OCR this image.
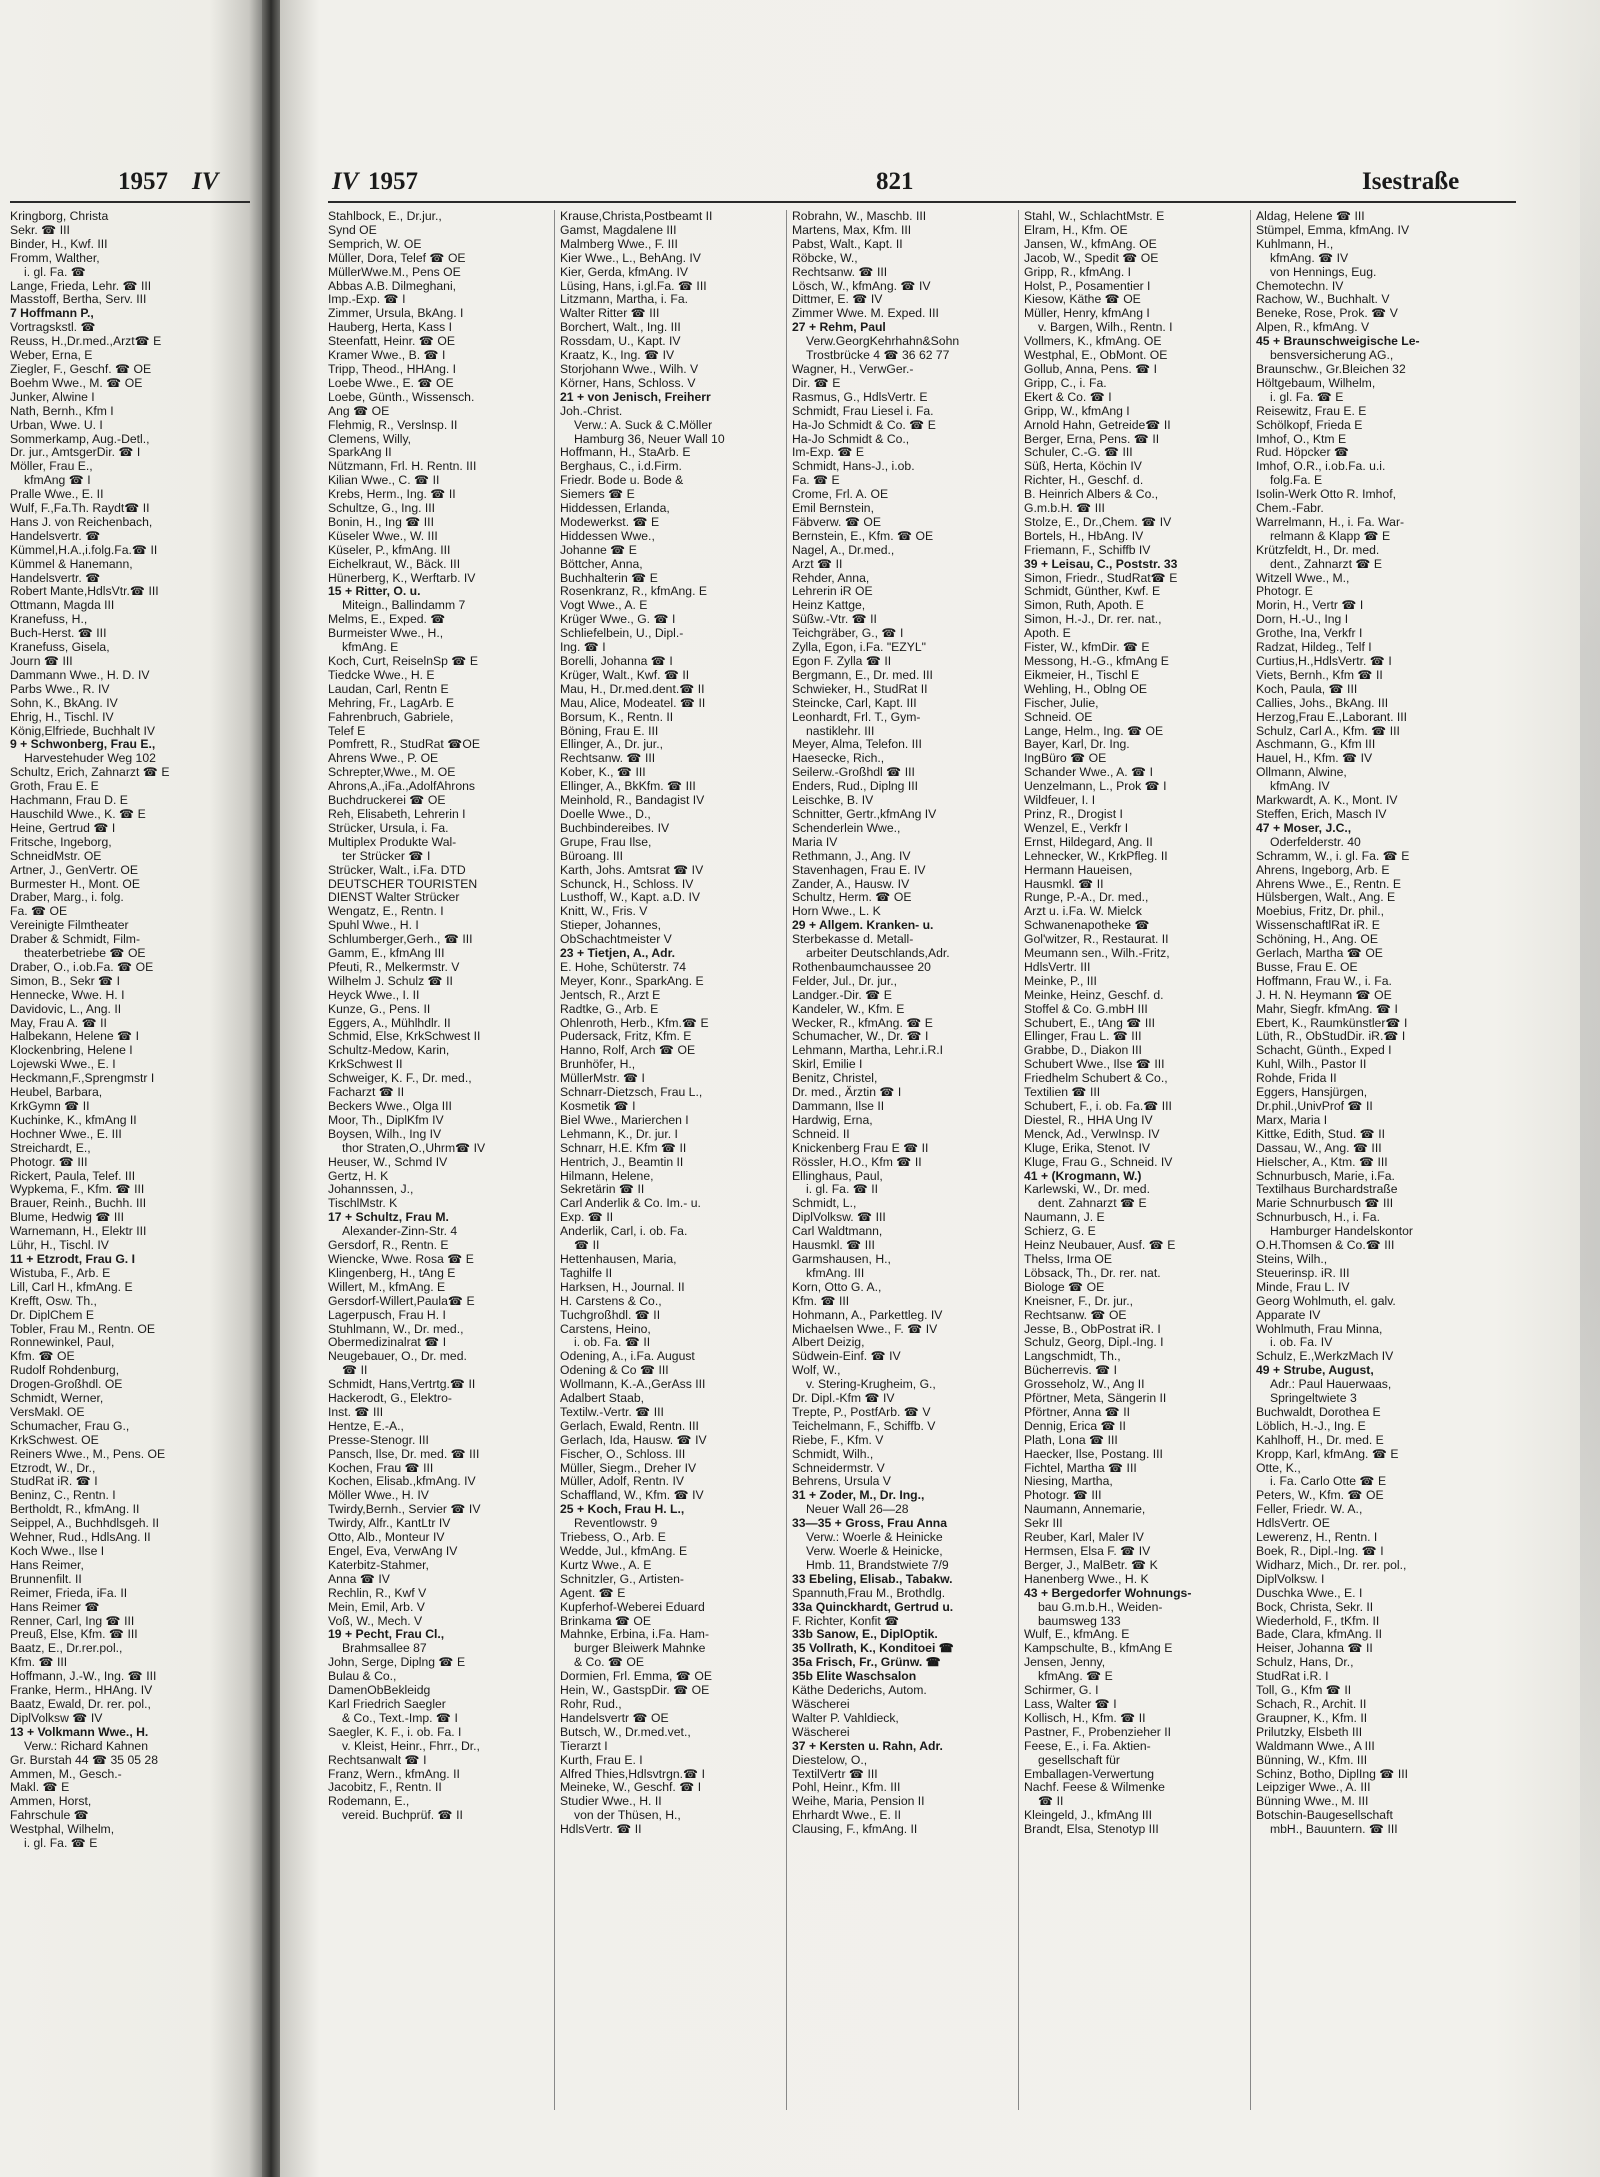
1957 IV
Kringborg, Christa
Sekr. ☎ III
Binder, H., Kwf. III
Fromm, Walther,
i. gl. Fa. ☎
Lange, Frieda, Lehr. ☎ III
Masstoff, Bertha, Serv. III
7 Hoffmann P.,
Vortragskstl. ☎
Reuss, H.,Dr.med.,Arzt☎ E
Weber, Erna, E
Ziegler, F., Geschf. ☎ OE
Boehm Wwe., M. ☎ OE
Junker, Alwine I
Nath, Bernh., Kfm I
Urban, Wwe. U. I
Sommerkamp, Aug.-Detl.,
Dr. jur., AmtsgerDir. ☎ I
Möller, Frau E.,
kfmAng ☎ I
Pralle Wwe., E. II
Wulf, F.,Fa.Th. Raydt☎ II
Hans J. von Reichenbach,
Handelsvertr. ☎
Kümmel,H.A.,i.folg.Fa.☎ II
Kümmel & Hanemann,
Handelsvertr. ☎
Robert Mante,HdlsVtr.☎ III
Ottmann, Magda III
Kranefuss, H.,
Buch-Herst. ☎ III
Kranefuss, Gisela,
Journ ☎ III
Dammann Wwe., H. D. IV
Parbs Wwe., R. IV
Sohn, K., BkAng. IV
Ehrig, H., Tischl. IV
König,Elfriede, Buchhalt IV
9 + Schwonberg, Frau E.,
Harvestehuder Weg 102
Schultz, Erich, Zahnarzt ☎ E
Groth, Frau E. E
Hachmann, Frau D. E
Hauschild Wwe., K. ☎ E
Heine, Gertrud ☎ I
Fritsche, Ingeborg,
SchneidMstr. OE
Artner, J., GenVertr. OE
Burmester H., Mont. OE
Draber, Marg., i. folg.
Fa. ☎ OE
Vereinigte Filmtheater
Draber & Schmidt, Film-
theaterbetriebe ☎ OE
Draber, O., i.ob.Fa. ☎ OE
Simon, B., Sekr ☎ I
Hennecke, Wwe. H. I
Davidovic, L., Ang. II
May, Frau A. ☎ II
Halbekann, Helene ☎ I
Klockenbring, Helene I
Lojewski Wwe., E. I
Heckmann,F.,Sprengmstr I
Heubel, Barbara,
KrkGymn ☎ II
Kuchinke, K., kfmAng II
Hochner Wwe., E. III
Streichardt, E.,
Photogr. ☎ III
Rickert, Paula, Telef. III
Wypkema, F., Kfm. ☎ III
Brauer, Reinh., Buchh. III
Blume, Hedwig ☎ III
Warnemann, H., Elektr III
Lühr, H., Tischl. IV
11 + Etzrodt, Frau G. I
Wistuba, F., Arb. E
Lill, Carl H., kfmAng. E
Krefft, Osw. Th.,
Dr. DiplChem E
Tobler, Frau M., Rentn. OE
Ronnewinkel, Paul,
Kfm. ☎ OE
Rudolf Rohdenburg,
Drogen-Großhdl. OE
Schmidt, Werner,
VersMakl. OE
Schumacher, Frau G.,
KrkSchwest. OE
Reiners Wwe., M., Pens. OE
Etzrodt, W., Dr.,
StudRat iR. ☎ I
Beninz, C., Rentn. I
Bertholdt, R., kfmAng. II
Seippel, A., Buchhdlsgeh. II
Wehner, Rud., HdlsAng. II
Koch Wwe., Ilse I
Hans Reimer,
Brunnenfilt. II
Reimer, Frieda, iFa. II
Hans Reimer ☎
Renner, Carl, Ing ☎ III
Preuß, Else, Kfm. ☎ III
Baatz, E., Dr.rer.pol.,
Kfm. ☎ III
Hoffmann, J.-W., Ing. ☎ III
Franke, Herm., HHAng. IV
Baatz, Ewald, Dr. rer. pol.,
DiplVolksw ☎ IV
13 + Volkmann Wwe., H.
Verw.: Richard Kahnen
Gr. Burstah 44 ☎ 35 05 28
Ammen, M., Gesch.-
Makl. ☎ E
Ammen, Horst,
Fahrschule ☎
Westphal, Wilhelm,
i. gl. Fa. ☎ E
IV 1957	821	Isestraße
Stahlbock, E., Dr.jur.,
Synd OE
Semprich, W. OE
Müller, Dora, Telef ☎ OE
MüllerWwe.M., Pens OE
Abbas A.B. Dilmeghani,
Imp.-Exp. ☎ I
Zimmer, Ursula, BkAng. I
Hauberg, Herta, Kass I
Steenfatt, Heinr. ☎ OE
Kramer Wwe., B. ☎ I
Tripp, Theod., HHAng. I
Loebe Wwe., E. ☎ OE
Loebe, Günth., Wissensch.
Ang ☎ OE
Flehmig, R., Verslnsp. II
Clemens, Willy,
SparkAng II
Nützmann, Frl. H. Rentn. III
Kilian Wwe., C. ☎ II
Krebs, Herm., Ing. ☎ II
Schultze, G., Ing. III
Bonin, H., Ing ☎ III
Küseler Wwe., W. III
Küseler, P., kfmAng. III
Eichelkraut, W., Bäck. III
Hünerberg, K., Werftarb. IV
15 + Ritter, O. u.
Miteign., Ballindamm 7
Melms, E., Exped. ☎
Burmeister Wwe., H.,
kfmAng. E
Koch, Curt, ReiselnSp ☎ E
Tiedcke Wwe., H. E
Laudan, Carl, Rentn E
Mehring, Fr., LagArb. E
Fahrenbruch, Gabriele,
Telef E
Pomfrett, R., StudRat ☎OE
Ahrens Wwe., P. OE
Schrepter,Wwe., M. OE
Ahrons,A.,iFa.,AdolfAhrons
Buchdruckerei ☎ OE
Reh, Elisabeth, Lehrerin I
Strücker, Ursula, i. Fa.
Multiplex Produkte Wal-
ter Strücker ☎ I
Strücker, Walt., i.Fa. DTD
DEUTSCHER TOURISTEN
DIENST Walter Strücker
Wengatz, E., Rentn. I
Spuhl Wwe., H. I
Schlumberger,Gerh., ☎ III
Gamm, E., kfmAng III
Pfeuti, R., Melkermstr. V
Wilhelm J. Schulz ☎ II
Heyck Wwe., I. II
Kunze, G., Pens. II
Eggers, A., Mühlhdlr. II
Schmid, Else, KrkSchwest II
Schultz-Medow, Karin,
KrkSchwest II
Schweiger, K. F., Dr. med.,
Facharzt ☎ II
Beckers Wwe., Olga III
Moor, Th., DiplKfm IV
Boysen, Wilh., Ing IV
thor Straten,O.,Uhrm☎ IV
Heuser, W., Schmd IV
Gertz, H. K
Johannssen, J.,
TischlMstr. K
17 + Schultz, Frau M.
Alexander-Zinn-Str. 4
Gersdorf, R., Rentn. E
Wiencke, Wwe. Rosa ☎ E
Klingenberg, H., tAng E
Willert, M., kfmAng. E
Gersdorf-Willert,Paula☎ E
Lagerpusch, Frau H. I
Stuhlmann, W., Dr. med.,
Obermedizinalrat ☎ I
Neugebauer, O., Dr. med.
☎ II
Schmidt, Hans,Vertrtg.☎ II
Hackerodt, G., Elektro-
Inst. ☎ III
Hentze, E.-A.,
Presse-Stenogr. III
Pansch, Ilse, Dr. med. ☎ III
Kochen, Frau ☎ III
Kochen, Elisab.,kfmAng. IV
Möller Wwe., H. IV
Twirdy,Bernh., Servier ☎ IV
Twirdy, Alfr., KantLtr IV
Otto, Alb., Monteur IV
Engel, Eva, VerwAng IV
Katerbitz-Stahmer,
Anna ☎ IV
Rechlin, R., Kwf V
Mein, Emil, Arb. V
Voß, W., Mech. V
19 + Pecht, Frau Cl.,
Brahmsallee 87
John, Serge, Diplng ☎ E
Bulau & Co.,
DamenObBekleidg
Karl Friedrich Saegler
& Co., Text.-Imp. ☎ I
Saegler, K. F., i. ob. Fa. I
v. Kleist, Heinr., Fhrr., Dr.,
Rechtsanwalt ☎ I
Franz, Wern., kfmAng. II
Jacobitz, F., Rentn. II
Rodemann, E.,
vereid. Buchprüf. ☎ II
Krause,Christa,Postbeamt II
Gamst, Magdalene III
Malmberg Wwe., F. III
Kier Wwe., L., BehAng. IV
Kier, Gerda, kfmAng. IV
Lüsing, Hans, i.gl.Fa. ☎ III
Litzmann, Martha, i. Fa.
Walter Ritter ☎ III
Borchert, Walt., Ing. III
Rossdam, U., Kapt. IV
Kraatz, K., Ing. ☎ IV
Storjohann Wwe., Wilh. V
Körner, Hans, Schloss. V
21 + von Jenisch, Freiherr
Joh.-Christ.
Verw.: A. Suck & C.Möller
Hamburg 36, Neuer Wall 10
Hoffmann, H., StaArb. E
Berghaus, C., i.d.Firm.
Friedr. Bode u. Bode &
Siemers ☎ E
Hiddessen, Erlanda,
Modewerkst. ☎ E
Hiddessen Wwe.,
Johanne ☎ E
Böttcher, Anna,
Buchhalterin ☎ E
Rosenkranz, R., kfmAng. E
Vogt Wwe., A. E
Krüger Wwe., G. ☎ I
Schliefelbein, U., Dipl.-
Ing. ☎ I
Borelli, Johanna ☎ I
Krüger, Walt., Kwf. ☎ II
Mau, H., Dr.med.dent.☎ II
Mau, Alice, Modeatel. ☎ II
Borsum, K., Rentn. II
Böning, Frau E. III
Ellinger, A., Dr. jur.,
Rechtsanw. ☎ III
Kober, K., ☎ III
Ellinger, A., BkKfm. ☎ III
Meinhold, R., Bandagist IV
Doelle Wwe., D.,
Buchbindereibes. IV
Grupe, Frau Ilse,
Büroang. III
Karth, Johs. Amtsrat ☎ IV
Schunck, H., Schloss. IV
Lusthoff, W., Kapt. a.D. IV
Knitt, W., Fris. V
Stieper, Johannes,
ObSchachtmeister V
23 + Tietjen, A., Adr.
E. Hohe, Schüterstr. 74
Meyer, Konr., SparkAng. E
Jentsch, R., Arzt E
Radtke, G., Arb. E
Ohlenroth, Herb., Kfm.☎ E
Pudersack, Fritz, Kfm. E
Hanno, Rolf, Arch ☎ OE
Brunhöfer, H.,
MüllerMstr. ☎ I
Schnarr-Dietzsch, Frau L.,
Kosmetik ☎ I
Biel Wwe., Marierchen I
Lehmann, K., Dr. jur. I
Schnarr, H.E. Kfm ☎ II
Hentrich, J., Beamtin II
Hilmann, Helene,
Sekretärin ☎ II
Carl Anderlik & Co. Im.- u.
Exp. ☎ II
Anderlik, Carl, i. ob. Fa.
☎ II
Hettenhausen, Maria,
Taghilfe II
Harksen, H., Journal. II
H. Carstens & Co.,
Tuchgroßhdl. ☎ II
Carstens, Heino,
i. ob. Fa. ☎ II
Odening, A., i.Fa. August
Odening & Co ☎ III
Wollmann, K.-A.,GerAss III
Adalbert Staab,
Textilw.-Vertr. ☎ III
Gerlach, Ewald, Rentn. III
Gerlach, Ida, Hausw. ☎ IV
Fischer, O., Schloss. III
Müller, Siegm., Dreher IV
Müller, Adolf, Rentn. IV
Schaffland, W., Kfm. ☎ IV
25 + Koch, Frau H. L.,
Reventlowstr. 9
Triebess, O., Arb. E
Wedde, Jul., kfmAng. E
Kurtz Wwe., A. E
Schnitzler, G., Artisten-
Agent. ☎ E
Kupferhof-Weberei Eduard
Brinkama ☎ OE
Mahnke, Erbina, i.Fa. Ham-
burger Bleiwerk Mahnke
& Co. ☎ OE
Dormien, Frl. Emma, ☎ OE
Hein, W., GastspDir. ☎ OE
Rohr, Rud.,
Handelsvertr ☎ OE
Butsch, W., Dr.med.vet.,
Tierarzt I
Kurth, Frau E. I
Alfred Thies,Hdlsvtrgn.☎ I
Meineke, W., Geschf. ☎ I
Studier Wwe., H. II
von der Thüsen, H.,
HdlsVertr. ☎ II
Robrahn, W., Maschb. III
Martens, Max, Kfm. III
Pabst, Walt., Kapt. II
Röbcke, W.,
Rechtsanw. ☎ III
Lösch, W., kfmAng. ☎ IV
Dittmer, E. ☎ IV
Zimmer Wwe. M. Exped. III
27 + Rehm, Paul
Verw.GeorgKehrhahn&Sohn
Trostbrücke 4 ☎ 36 62 77
Wagner, H., VerwGer.-
Dir. ☎ E
Rasmus, G., HdlsVertr. E
Schmidt, Frau Liesel i. Fa.
Ha-Jo Schmidt & Co. ☎ E
Ha-Jo Schmidt & Co.,
Im-Exp. ☎ E
Schmidt, Hans-J., i.ob.
Fa. ☎ E
Crome, Frl. A. OE
Emil Bernstein,
Fäbverw. ☎ OE
Bernstein, E., Kfm. ☎ OE
Nagel, A., Dr.med.,
Arzt ☎ II
Rehder, Anna,
Lehrerin iR OE
Heinz Kattge,
Süßw.-Vtr. ☎ II
Teichgräber, G., ☎ I
Zylla, Egon, i.Fa. "EZYL"
Egon F. Zylla ☎ II
Bergmann, E., Dr. med. III
Schwieker, H., StudRat II
Steincke, Carl, Kapt. III
Leonhardt, Frl. T., Gym-
nastiklehr. III
Meyer, Alma, Telefon. III
Haesecke, Rich.,
Seilerw.-Großhdl ☎ III
Enders, Rud., Diplng III
Leischke, B. IV
Schnitter, Gertr.,kfmAng IV
Schenderlein Wwe.,
Maria IV
Rethmann, J., Ang. IV
Stavenhagen, Frau E. IV
Zander, A., Hausw. IV
Schultz, Herm. ☎ OE
Horn Wwe., L. K
29 + Allgem. Kranken- u.
Sterbekasse d. Metall-
arbeiter Deutschlands,Adr.
Rothenbaumchaussee 20
Felder, Jul., Dr. jur.,
Landger.-Dir. ☎ E
Kandeler, W., Kfm. E
Wecker, R., kfmAng. ☎ E
Schumacher, W., Dr. ☎ I
Lehmann, Martha, Lehr.i.R.I
Skirl, Emilie I
Benitz, Christel,
Dr. med., Ärztin ☎ I
Dammann, Ilse II
Hardwig, Erna,
Schneid. II
Knickenberg Frau E ☎ II
Rössler, H.O., Kfm ☎ II
Ellinghaus, Paul,
i. gl. Fa. ☎ II
Schmidt, L.,
DiplVolksw. ☎ III
Carl Waldtmann,
Hausmkl. ☎ III
Garmshausen, H.,
kfmAng. III
Korn, Otto G. A.,
Kfm. ☎ III
Hohmann, A., Parkettleg. IV
Michaelsen Wwe., F. ☎ IV
Albert Deizig,
Südwein-Einf. ☎ IV
Wolf, W.,
v. Stering-Krugheim, G.,
Dr. Dipl.-Kfm ☎ IV
Trepte, P., PostfArb. ☎ V
Teichelmann, F., Schiffb. V
Riebe, F., Kfm. V
Schmidt, Wilh.,
Schneidermstr. V
Behrens, Ursula V
31 + Zoder, M., Dr. Ing.,
Neuer Wall 26—28
33—35 + Gross, Frau Anna
Verw.: Woerle & Heinicke
Verw. Woerle & Heinicke,
Hmb. 11, Brandstwiete 7/9
33 Ebeling, Elisab., Tabakw.
Spannuth,Frau M., Brothdlg.
33a Quinckhardt, Gertrud u.
F. Richter, Konfit ☎
33b Sanow, E., DiplOptik.
35 Vollrath, K., Konditoei ☎
35a Frisch, Fr., Grünw. ☎
35b Elite Waschsalon
Käthe Dederichs, Autom.
Wäscherei
Walter P. Vahldieck,
Wäscherei
37 + Kersten u. Rahn, Adr.
Diestelow, O.,
TextilVertr ☎ III
Pohl, Heinr., Kfm. III
Weihe, Maria, Pension II
Ehrhardt Wwe., E. II
Clausing, F., kfmAng. II
Stahl, W., SchlachtMstr. E
Elram, H., Kfm. OE
Jansen, W., kfmAng. OE
Jacob, W., Spedit ☎ OE
Gripp, R., kfmAng. I
Holst, P., Posamentier I
Kiesow, Käthe ☎ OE
Müller, Henry, kfmAng I
v. Bargen, Wilh., Rentn. I
Vollmers, K., kfmAng. OE
Westphal, E., ObMont. OE
Gollub, Anna, Pens. ☎ I
Gripp, C., i. Fa.
Ekert & Co. ☎ I
Gripp, W., kfmAng I
Arnold Hahn, Getreide☎ II
Berger, Erna, Pens. ☎ II
Schuler, C.-G. ☎ III
Süß, Herta, Köchin IV
Richter, H., Geschf. d.
B. Heinrich Albers & Co.,
G.m.b.H. ☎ III
Stolze, E., Dr.,Chem. ☎ IV
Bortels, H., HbAng. IV
Friemann, F., Schiffb IV
39 + Leisau, C., Poststr. 33
Simon, Friedr., StudRat☎ E
Schmidt, Günther, Kwf. E
Simon, Ruth, Apoth. E
Simon, H.-J., Dr. rer. nat.,
Apoth. E
Fister, W., kfmDir. ☎ E
Messong, H.-G., kfmAng E
Eikmeier, H., Tischl E
Wehling, H., Oblng OE
Fischer, Julie,
Schneid. OE
Lange, Helm., Ing. ☎ OE
Bayer, Karl, Dr. Ing.
IngBüro ☎ OE
Schander Wwe., A. ☎ I
Uenzelmann, L., Prok ☎ I
Wildfeuer, I. I
Prinz, R., Drogist I
Wenzel, E., Verkfr I
Ernst, Hildegard, Ang. II
Lehnecker, W., KrkPfleg. II
Hermann Haueisen,
Hausmkl. ☎ II
Runge, P.-A., Dr. med.,
Arzt u. i.Fa. W. Mielck
Schwanenapotheke ☎
Gol'witzer, R., Restaurat. II
Meumann sen., Wilh.-Fritz,
HdlsVertr. III
Meinke, P., III
Meinke, Heinz, Geschf. d.
Stoffel & Co. G.mbH III
Schubert, E., tAng ☎ III
Ellinger, Frau L. ☎ III
Grabbe, D., Diakon III
Schubert Wwe., Ilse ☎ III
Friedhelm Schubert & Co.,
Textilien ☎ III
Schubert, F., i. ob. Fa.☎ III
Diestel, R., HHA Ung IV
Menck, Ad., VerwInsp. IV
Kluge, Erika, Stenot. IV
Kluge, Frau G., Schneid. IV
41 + (Krogmann, W.)
Karlewski, W., Dr. med.
dent. Zahnarzt ☎ E
Naumann, J. E
Schierz, G. E
Heinz Neubauer, Ausf. ☎ E
Thelss, Irma OE
Löbsack, Th., Dr. rer. nat.
Biologe ☎ OE
Kneisner, F., Dr. jur.,
Rechtsanw. ☎ OE
Jesse, B., ObPostrat iR. I
Schulz, Georg, Dipl.-Ing. I
Langschmidt, Th.,
Bücherrevis. ☎ I
Grosseholz, W., Ang II
Pförtner, Meta, Sängerin II
Pförtner, Anna ☎ II
Dennig, Erica ☎ II
Plath, Lona ☎ III
Haecker, Ilse, Postang. III
Fichtel, Martha ☎ III
Niesing, Martha,
Photogr. ☎ III
Naumann, Annemarie,
Sekr III
Reuber, Karl, Maler IV
Hermsen, Elsa F. ☎ IV
Berger, J., MalBetr. ☎ K
Hanenberg Wwe., H. K
43 + Bergedorfer Wohnungs-
bau G.m.b.H., Weiden-
baumsweg 133
Wulf, E., kfmAng. E
Kampschulte, B., kfmAng E
Jensen, Jenny,
kfmAng. ☎ E
Schirmer, G. I
Lass, Walter ☎ I
Kollisch, H., Kfm. ☎ II
Pastner, F., Probenzieher II
Feese, E., i. Fa. Aktien-
gesellschaft für
Emballagen-Verwertung
Nachf. Feese & Wilmenke
☎ II
Kleingeld, J., kfmAng III
Brandt, Elsa, Stenotyp III
Aldag, Helene ☎ III
Stümpel, Emma, kfmAng. IV
Kuhlmann, H.,
kfmAng. ☎ IV
von Hennings, Eug.
Chemotechn. IV
Rachow, W., Buchhalt. V
Beneke, Rose, Prok. ☎ V
Alpen, R., kfmAng. V
45 + Braunschweigische Le-
bensversicherung AG.,
Braunschw., Gr.Bleichen 32
Höltgebaum, Wilhelm,
i. gl. Fa. ☎ E
Reisewitz, Frau E. E
Schölkopf, Frieda E
Imhof, O., Ktm E
Rud. Höpcker ☎
Imhof, O.R., i.ob.Fa. u.i.
folg.Fa. E
Isolin-Werk Otto R. Imhof,
Chem.-Fabr.
Warrelmann, H., i. Fa. War-
relmann & Klapp ☎ E
Krützfeldt, H., Dr. med.
dent., Zahnarzt ☎ E
Witzell Wwe., M.,
Photogr. E
Morin, H., Vertr ☎ I
Dorn, H.-U., Ing I
Grothe, Ina, Verkfr I
Radzat, Hildeg., Telf I
Curtius,H.,HdlsVertr. ☎ I
Viets, Bernh., Kfm ☎ II
Koch, Paula, ☎ III
Callies, Johs., BkAng. III
Herzog,Frau E.,Laborant. III
Schulz, Carl A., Kfm. ☎ III
Aschmann, G., Kfm III
Hauel, H., Kfm. ☎ IV
Ollmann, Alwine,
kfmAng. IV
Markwardt, A. K., Mont. IV
Steffen, Erich, Masch IV
47 + Moser, J.C.,
Oderfelderstr. 40
Schramm, W., i. gl. Fa. ☎ E
Ahrens, Ingeborg, Arb. E
Ahrens Wwe., E., Rentn. E
Hülsbergen, Walt., Ang. E
Moebius, Fritz, Dr. phil.,
WissenschaftlRat iR. E
Schöning, H., Ang. OE
Gerlach, Martha ☎ OE
Busse, Frau E. OE
Hoffmann, Frau W., i. Fa.
J. H. N. Heymann ☎ OE
Mahr, Siegfr. kfmAng. ☎ I
Ebert, K., Raumkünstler☎ I
Lüth, R., ObStudDir. iR.☎ I
Schacht, Günth., Exped I
Kuhl, Wilh., Pastor II
Rohde, Frida II
Eggers, Hansjürgen,
Dr.phil.,UnivProf ☎ II
Marx, Maria I
Kittke, Edith, Stud. ☎ II
Dassau, W., Ang. ☎ III
Hielscher, A., Ktm. ☎ III
Schnurbusch, Marie, i.Fa.
Textilhaus Burchardstraße
Marie Schnurbusch ☎ III
Schnurbusch, H., i. Fa.
Hamburger Handelskontor
O.H.Thomsen & Co.☎ III
Steins, Wilh.,
Steuerinsp. iR. III
Minde, Frau L. IV
Georg Wohlmuth, el. galv.
Apparate IV
Wohlmuth, Frau Minna,
i. ob. Fa. IV
Schulz, E.,WerkzMach IV
49 + Strube, August,
Adr.: Paul Hauerwaas,
Springeltwiete 3
Buchwaldt, Dorothea E
Löblich, H.-J., Ing. E
Kahlhoff, H., Dr. med. E
Kropp, Karl, kfmAng. ☎ E
Otte, K.,
i. Fa. Carlo Otte ☎ E
Peters, W., Kfm. ☎ OE
Feller, Friedr. W. A.,
HdlsVertr. OE
Lewerenz, H., Rentn. I
Boek, R., Dipl.-Ing. ☎ I
Widharz, Mich., Dr. rer. pol.,
DiplVolksw. I
Duschka Wwe., E. I
Bock, Christa, Sekr. II
Wiederhold, F., tKfm. II
Bade, Clara, kfmAng. II
Heiser, Johanna ☎ II
Schulz, Hans, Dr.,
StudRat i.R. I
Toll, G., Kfm ☎ II
Schach, R., Archit. II
Graupner, K., Kfm. II
Prilutzky, Elsbeth III
Waldmann Wwe., A III
Bünning, W., Kfm. III
Schinz, Botho, DiplIng ☎ III
Leipziger Wwe., A. III
Bünning Wwe., M. III
Botschin-Baugesellschaft
mbH., Bauuntern. ☎ III
